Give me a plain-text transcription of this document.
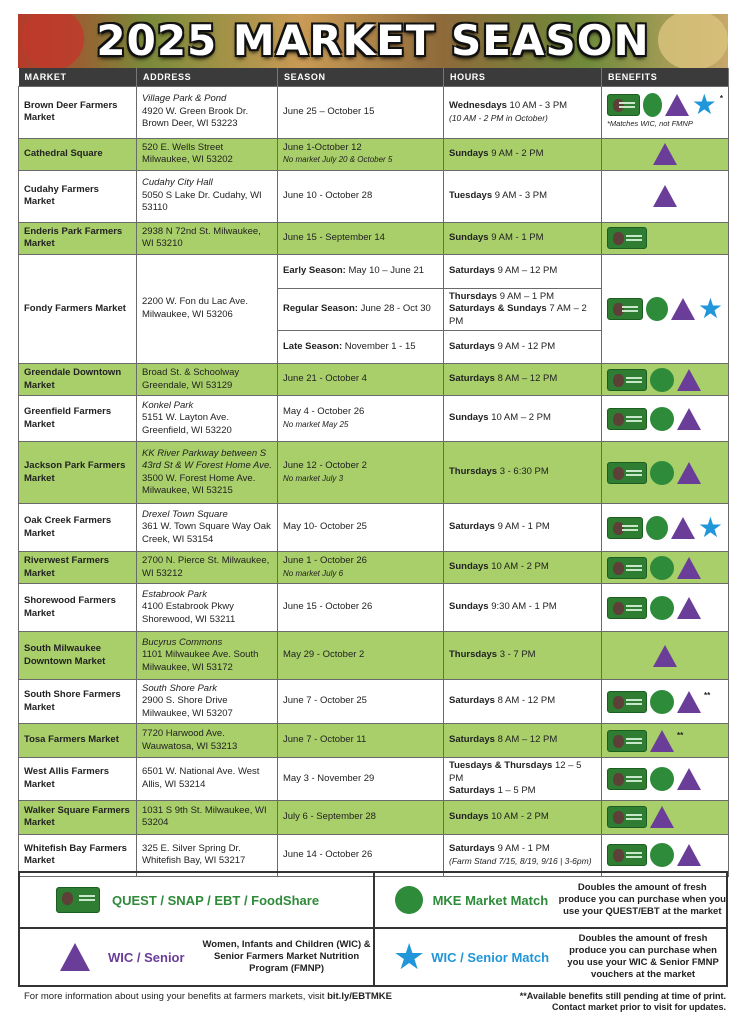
2025 MARKET SEASON
MARKET	ADDRESS	SEASON	HOURS	BENEFITS
Brown Deer Farmers Market	Village Park & Pond
4920 W. Green Brook Dr. Brown Deer, WI 53223	June 25 – October 15	Wednesdays 10 AM - 3 PM
(10 AM - 2 PM in October)	★ *
*Matches WIC, not FMNP

Cathedral Square	520 E. Wells Street Milwaukee, WI 53202	June 1-October 12
No market July 20 & October 5	Sundays 9 AM - 2 PM	

Cudahy Farmers Market	Cudahy City Hall
5050 S Lake Dr. Cudahy, WI 53110	June 10 - October 28	Tuesdays 9 AM - 3 PM	

Enderis Park Farmers Market	2938 N 72nd St. Milwaukee, WI 53210	June 15 - September 14	Sundays 9 AM - 1 PM	

Fondy Farmers Market	2200 W. Fon du Lac Ave. Milwaukee, WI 53206	Early Season: May 10 – June 21	Saturdays 9 AM – 12 PM	★

		Regular Season: June 28 - Oct 30	Thursdays 9 AM – 1 PM
Saturdays & Sundays 7 AM – 2 PM	
		Late Season: November 1 - 15	Saturdays 9 AM - 12 PM	
Greendale Downtown Market	Broad St. & Schoolway Greendale, WI 53129	June 21 - October 4	Saturdays 8 AM – 12 PM	

Greenfield Farmers Market	Konkel Park
5151 W. Layton Ave. Greenfield, WI 53220	May 4 - October 26
No market May 25	Sundays 10 AM – 2 PM	

Jackson Park Farmers Market	KK River Parkway between S 43rd St & W Forest Home Ave.
3500 W. Forest Home Ave. Milwaukee, WI 53215	June 12 - October 2
No market July 3	Thursdays 3 - 6:30 PM	

Oak Creek Farmers Market	Drexel Town Square
361 W. Town Square Way Oak Creek, WI 53154	May 10- October 25	Saturdays 9 AM - 1 PM	★

Riverwest Farmers Market	2700 N. Pierce St. Milwaukee, WI 53212	June 1 - October 26
No market July 6	Sundays 10 AM - 2 PM	

Shorewood Farmers Market	Estabrook Park
4100 Estabrook Pkwy Shorewood, WI 53211	June 15 - October 26	Sundays 9:30 AM - 1 PM	

South Milwaukee Downtown Market	Bucyrus Commons
1101 Milwaukee Ave. South Milwaukee, WI 53172	May 29 - October 2	Thursdays 3 - 7 PM	

South Shore Farmers Market	South Shore Park
2900 S. Shore Drive Milwaukee, WI 53207	June 7 - October 25	Saturdays 8 AM - 12 PM	**

Tosa Farmers Market	7720 Harwood Ave. Wauwatosa, WI 53213	June 7 - October 11	Saturdays 8 AM – 12 PM	**

West Allis Farmers Market	6501 W. National Ave. West Allis, WI 53214	May 3 - November 29	Tuesdays & Thursdays 12 – 5 PM
Saturdays 1 – 5 PM	

Walker Square Farmers Market	1031 S 9th St. Milwaukee, WI 53204	July 6 - September 28	Sundays 10 AM - 2 PM	

Whitefish Bay Farmers Market	325 E. Silver Spring Dr. Whitefish Bay, WI 53217	June 14 - October 26	Saturdays 9 AM - 1 PM
(Farm Stand 7/15, 8/19, 9/16 | 3-6pm)	

QUEST / SNAP / EBT / FoodShare	MKE Market Match
Doubles the amount of fresh produce you can purchase when you use your QUEST/EBT at the market
WIC / Senior
Women, Infants and Children (WIC) & Senior Farmers Market Nutrition Program (FMNP)	★ WIC / Senior Match
Doubles the amount of fresh produce you can purchase when you use your WIC & Senior FMNP vouchers at the market
For more information about using your benefits at farmers markets, visit bit.ly/EBTMKE	**Available benefits still pending at time of print.
Contact market prior to visit for updates.
